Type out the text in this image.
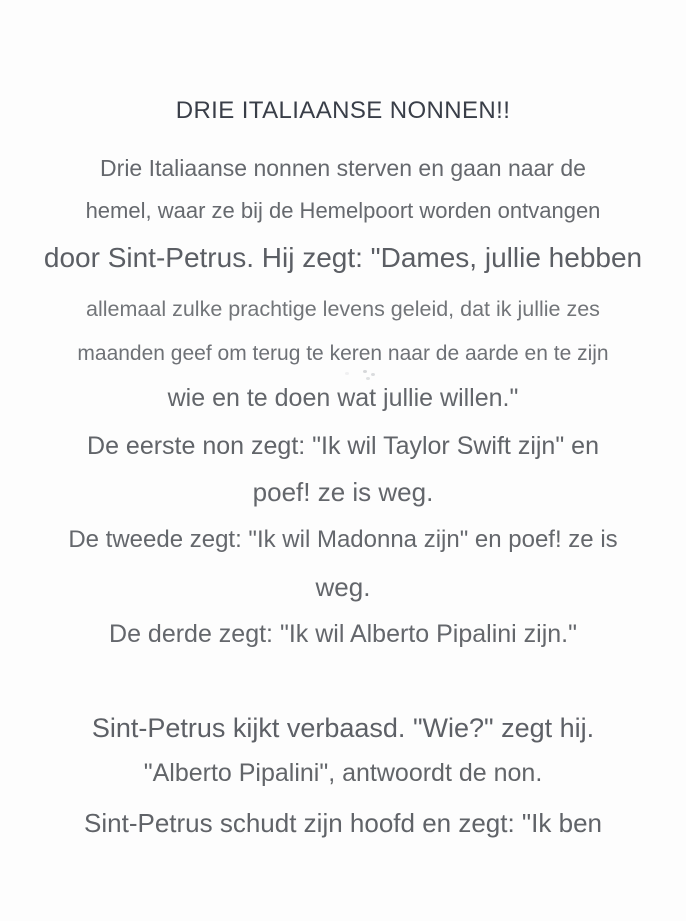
DRIE ITALIAANSE NONNEN!!
Drie Italiaanse nonnen sterven en gaan naar de
hemel, waar ze bij de Hemelpoort worden ontvangen
door Sint-Petrus. Hij zegt: "Dames, jullie hebben
allemaal zulke prachtige levens geleid, dat ik jullie zes
maanden geef om terug te keren naar de aarde en te zijn
wie en te doen wat jullie willen."
De eerste non zegt: "Ik wil Taylor Swift zijn" en
poef! ze is weg.
De tweede zegt: "Ik wil Madonna zijn" en poef! ze is
weg.
De derde zegt: "Ik wil Alberto Pipalini zijn."
Sint-Petrus kijkt verbaasd. "Wie?" zegt hij.
"Alberto Pipalini", antwoordt de non.
Sint-Petrus schudt zijn hoofd en zegt: "Ik ben
